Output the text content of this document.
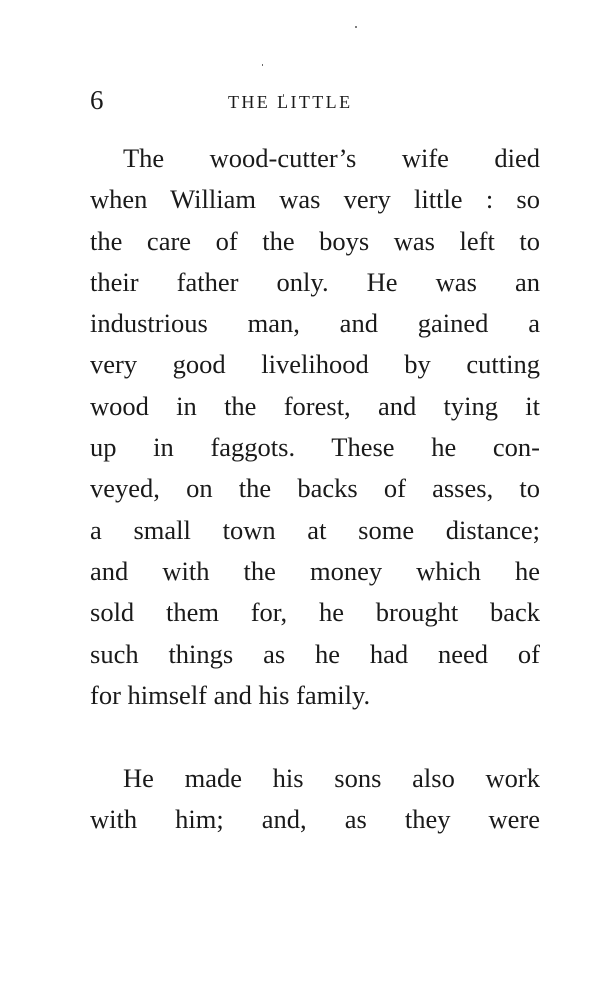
6	THE LITTLE
The wood-cutter’s wife died
when William was very little : so
the care of the boys was left to
their father only. He was an
industrious man, and gained a
very good livelihood by cutting
wood in the forest, and tying it
up in faggots. These he con-
veyed, on the backs of asses, to
a small town at some distance;
and with the money which he
sold them for, he brought back
such things as he had need of
for himself and his family.
He made his sons also work
with him; and, as they were
